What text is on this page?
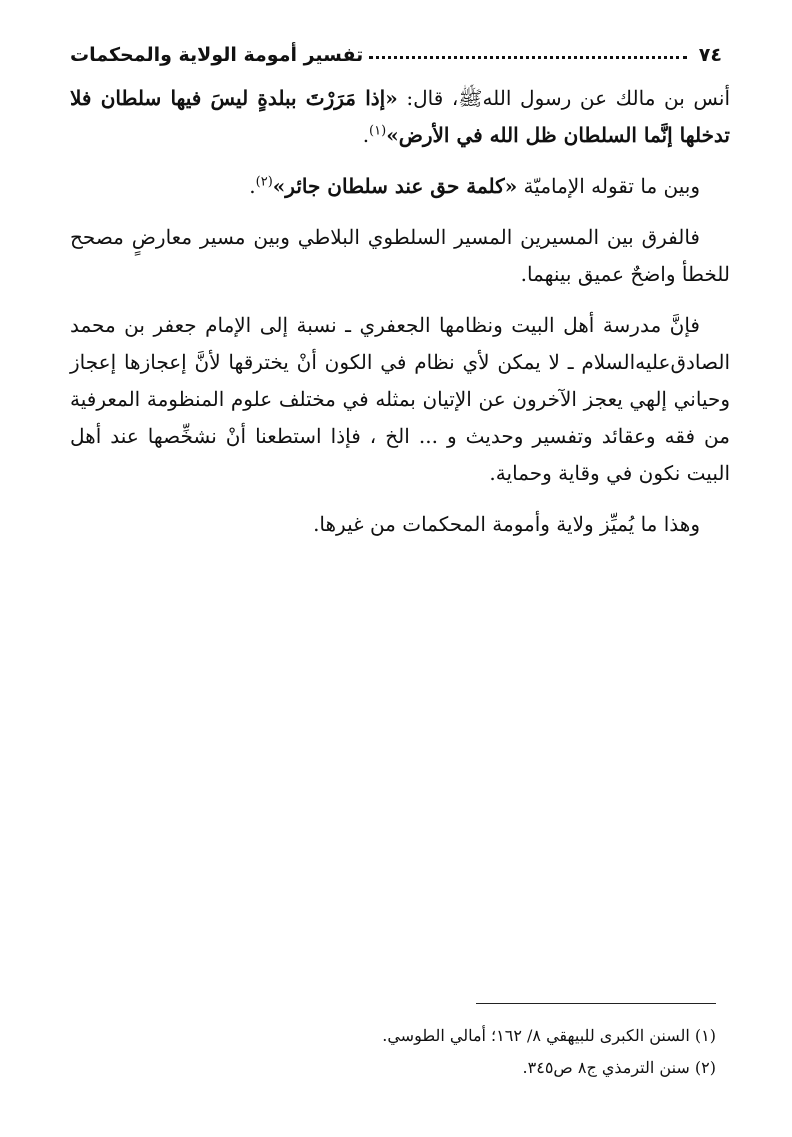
٧٤
تفسير أمومة الولاية والمحكمات

أنس بن مالك عن رسول اللهﷺ، قال: «إذا مَرَرْتَ ببلدةٍ ليسَ فيها سلطان فلا تدخلها إنَّما السلطان ظل الله في الأرض»$^{(١)}$.

وبين ما تقوله الإماميّة «كلمة حق عند سلطان جائر»$^{(٢)}$.

فالفرق بين المسيرين المسير السلطوي البلاطي وبين مسير معارضٍ مصحح للخطأ واضحٌ عميق بينهما.

فإنَّ مدرسة أهل البيت ونظامها الجعفري ـ نسبة إلى الإمام جعفر بن محمد الصادق‌عليه‌السلام ـ لا يمكن لأي نظام في الكون أنْ يخترقها لأنَّ إعجازها إعجاز وحياني إلهي يعجز الآخرون عن الإتيان بمثله في مختلف علوم المنظومة المعرفية من فقه وعقائد وتفسير وحديث و ... الخ ، فإذا استطعنا أنْ نشخِّصها عند أهل البيت نكون في وقاية وحماية.

وهذا ما يُميِّز ولاية وأمومة المحكمات من غيرها.

(١) السنن الكبرى للبيهقي ٨/ ١٦٢؛ أمالي الطوسي.
(٢) سنن الترمذي ج٨ ص٣٤٥.
